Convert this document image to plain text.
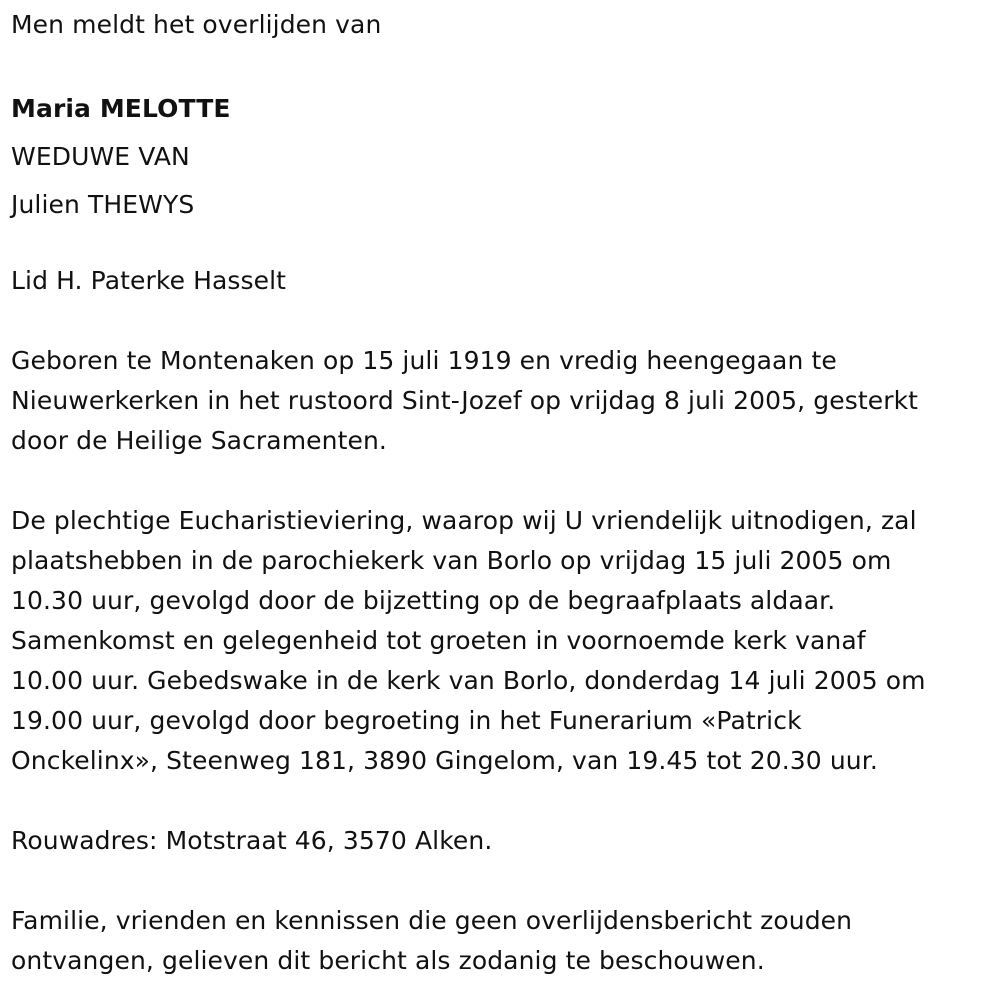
Men meldt het overlijden van

Maria MELOTTE

WEDUWE VAN

Julien THEWYS

Lid H. Paterke Hasselt

Geboren te Montenaken op 15 juli 1919 en vredig heengegaan te
Nieuwerkerken in het rustoord Sint-Jozef op vrijdag 8 juli 2005, gesterkt
door de Heilige Sacramenten.

De plechtige Eucharistieviering, waarop wij U vriendelijk uitnodigen, zal
plaatshebben in de parochiekerk van Borlo op vrijdag 15 juli 2005 om
10.30 uur, gevolgd door de bijzetting op de begraafplaats aldaar.
Samenkomst en gelegenheid tot groeten in voornoemde kerk vanaf
10.00 uur. Gebedswake in de kerk van Borlo, donderdag 14 juli 2005 om
19.00 uur, gevolgd door begroeting in het Funerarium «Patrick
Onckelinx», Steenweg 181, 3890 Gingelom, van 19.45 tot 20.30 uur.

Rouwadres: Motstraat 46, 3570 Alken.

Familie, vrienden en kennissen die geen overlijdensbericht zouden
ontvangen, gelieven dit bericht als zodanig te beschouwen.
